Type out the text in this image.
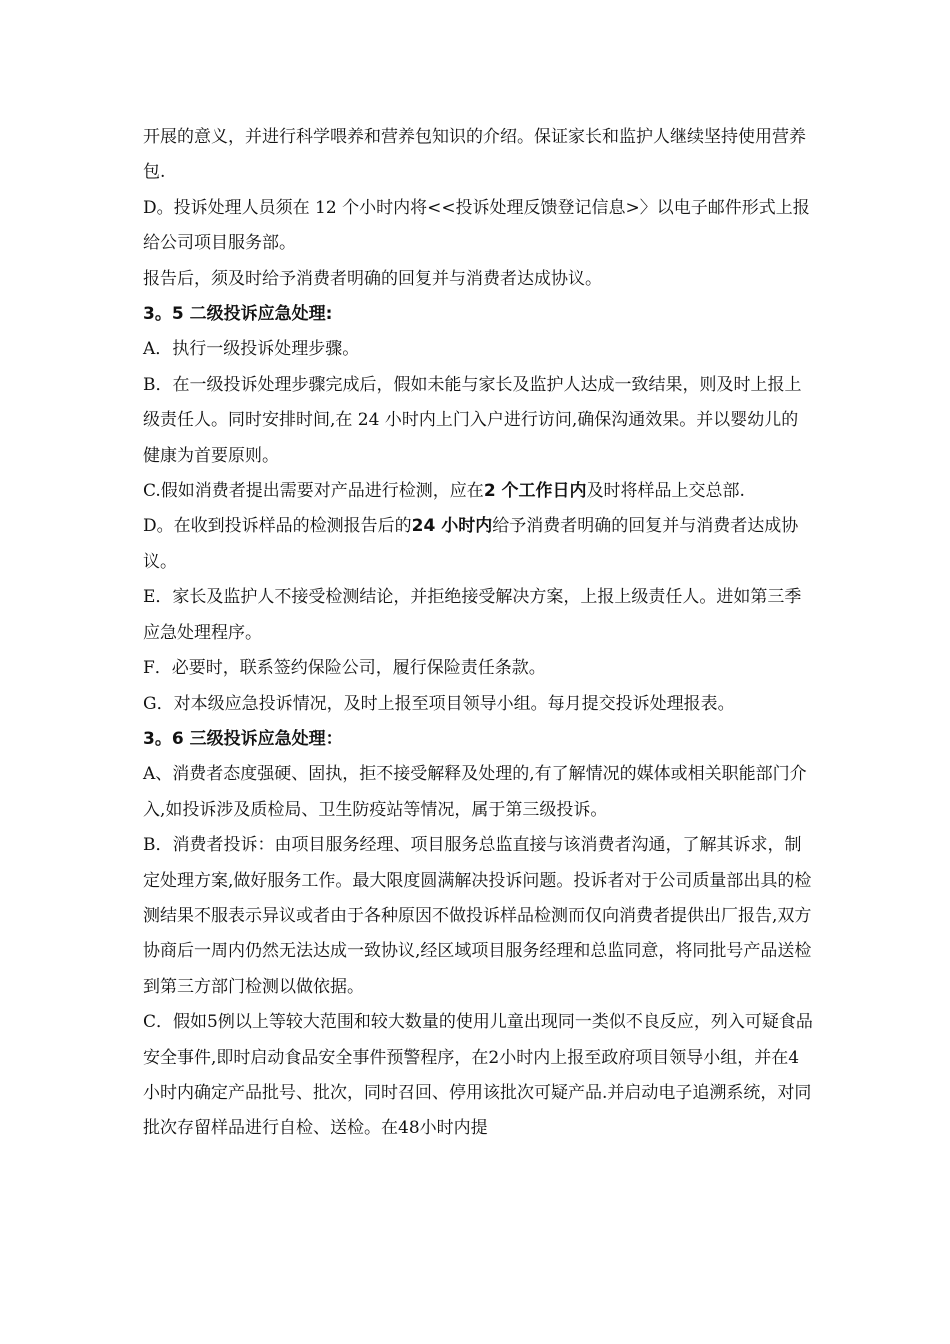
开展的意义，并进行科学喂养和营养包知识的介绍。保证家长和监护人继续坚持使用营养包.

D。投诉处理人员须在 12 个小时内将<<投诉处理反馈登记信息>〉以电子邮件形式上报给公司项目服务部。

报告后，须及时给予消费者明确的回复并与消费者达成协议。

3。5 二级投诉应急处理:

A．执行一级投诉处理步骤。

B．在一级投诉处理步骤完成后，假如未能与家长及监护人达成一致结果，则及时上报上级责任人。同时安排时间,在 24 小时内上门入户进行访问,确保沟通效果。并以婴幼儿的健康为首要原则。

C.假如消费者提出需要对产品进行检测，应在2 个工作日内及时将样品上交总部.

D。在收到投诉样品的检测报告后的24 小时内给予消费者明确的回复并与消费者达成协议。

E．家长及监护人不接受检测结论，并拒绝接受解决方案，上报上级责任人。进如第三季应急处理程序。

F．必要时，联系签约保险公司，履行保险责任条款。

G．对本级应急投诉情况，及时上报至项目领导小组。每月提交投诉处理报表。

3。6 三级投诉应急处理：

A、消费者态度强硬、固执，拒不接受解释及处理的,有了解情况的媒体或相关职能部门介入,如投诉涉及质检局、卫生防疫站等情况，属于第三级投诉。

B．消费者投诉：由项目服务经理、项目服务总监直接与该消费者沟通，了解其诉求，制定处理方案,做好服务工作。最大限度圆满解决投诉问题。投诉者对于公司质量部出具的检测结果不服表示异议或者由于各种原因不做投诉样品检测而仅向消费者提供出厂报告,双方协商后一周内仍然无法达成一致协议,经区域项目服务经理和总监同意，将同批号产品送检到第三方部门检测以做依据。

C．假如5例以上等较大范围和较大数量的使用儿童出现同一类似不良反应，列入可疑食品安全事件,即时启动食品安全事件预警程序，在2小时内上报至政府项目领导小组，并在4小时内确定产品批号、批次，同时召回、停用该批次可疑产品.并启动电子追溯系统，对同批次存留样品进行自检、送检。在48小时内提
